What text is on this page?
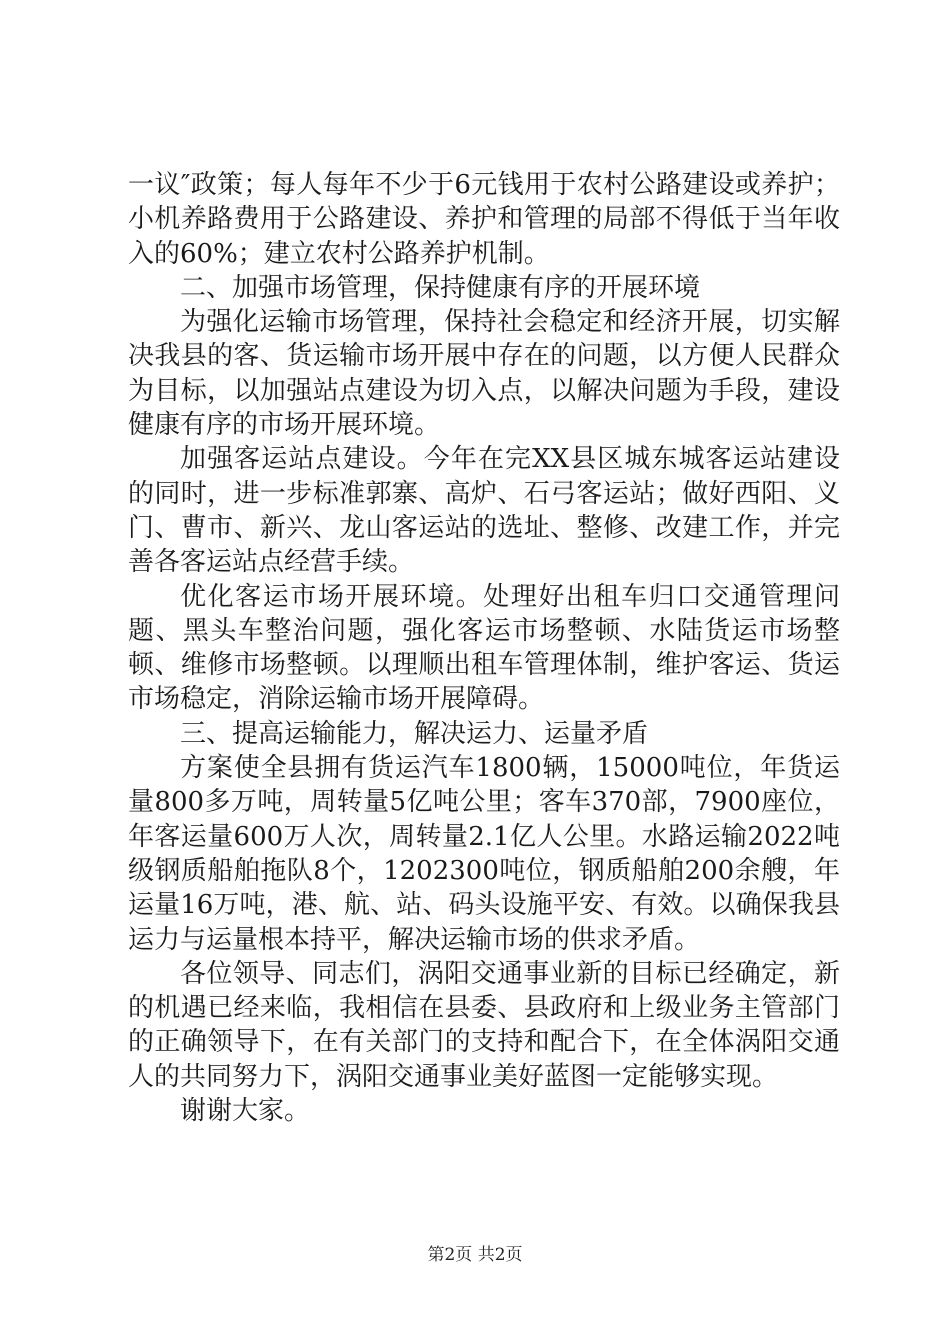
一议″政策；每人每年不少于6元钱用于农村公路建设或养护；小机养路费用于公路建设、养护和管理的局部不得低于当年收入的60%；建立农村公路养护机制。

二、加强市场管理，保持健康有序的开展环境

为强化运输市场管理，保持社会稳定和经济开展，切实解决我县的客、货运输市场开展中存在的问题，以方便人民群众为目标，以加强站点建设为切入点，以解决问题为手段，建设健康有序的市场开展环境。

加强客运站点建设。今年在完XX县区城东城客运站建设的同时，进一步标准郭寨、高炉、石弓客运站；做好西阳、义门、曹市、新兴、龙山客运站的选址、整修、改建工作，并完善各客运站点经营手续。

优化客运市场开展环境。处理好出租车归口交通管理问题、黑头车整治问题，强化客运市场整顿、水陆货运市场整顿、维修市场整顿。以理顺出租车管理体制，维护客运、货运市场稳定，消除运输市场开展障碍。

三、提高运输能力，解决运力、运量矛盾

方案使全县拥有货运汽车1800辆，15000吨位，年货运量800多万吨，周转量5亿吨公里；客车370部，7900座位，年客运量600万人次，周转量2.1亿人公里。水路运输2022吨级钢质船舶拖队8个，1202300吨位，钢质船舶200余艘，年运量16万吨，港、航、站、码头设施平安、有效。以确保我县运力与运量根本持平，解决运输市场的供求矛盾。

各位领导、同志们，涡阳交通事业新的目标已经确定，新的机遇已经来临，我相信在县委、县政府和上级业务主管部门的正确领导下，在有关部门的支持和配合下，在全体涡阳交通人的共同努力下，涡阳交通事业美好蓝图一定能够实现。

谢谢大家。

第2页 共2页
